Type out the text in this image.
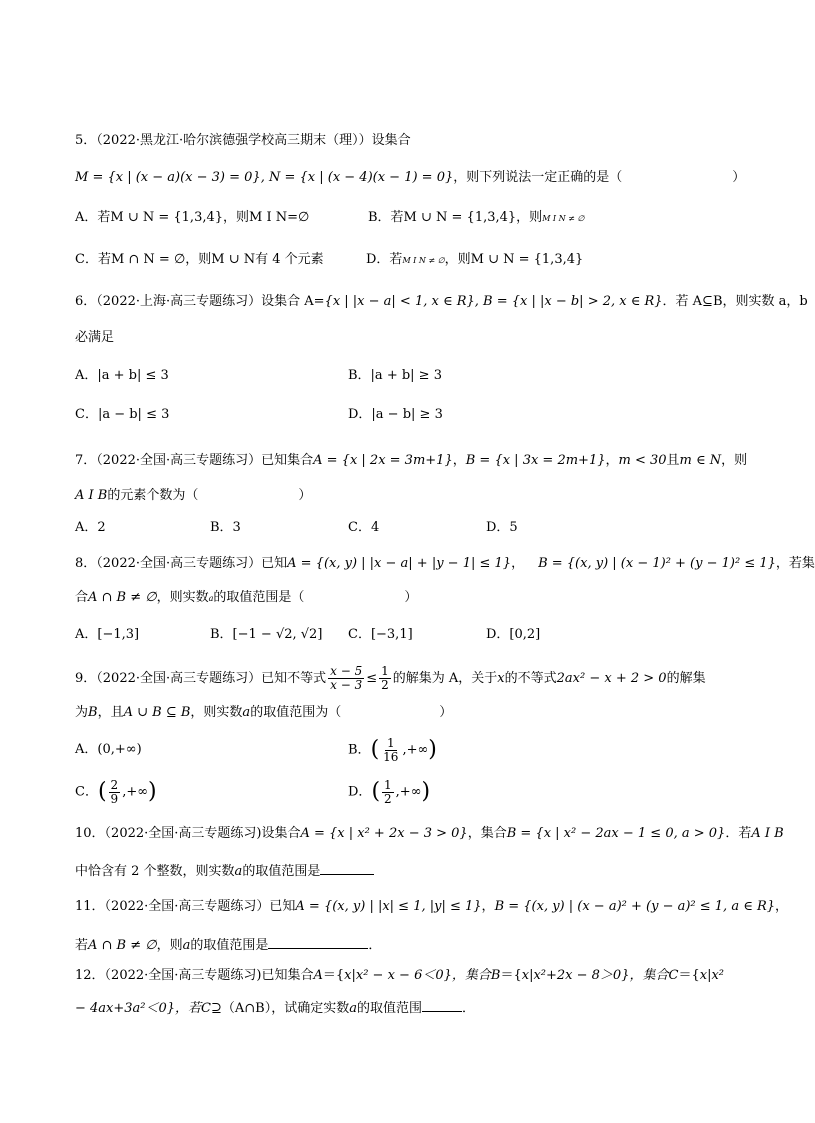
5．（2022·黑龙江·哈尔滨德强学校高三期末（理））设集合
M = {x | (x − a)(x − 3) = 0}, N = {x | (x − 4)(x − 1) = 0}，则下列说法一定正确的是（	）
A．若M ∪ N = {1,3,4}，则M I N=∅	B．若M ∪ N = {1,3,4}，则M I N ≠ ∅
C．若M ∩ N = ∅，则M ∪ N有 4 个元素	D．若M I N ≠ ∅，则M ∪ N = {1,3,4}
6．（2022·上海·高三专题练习）设集合 A={x | |x − a| < 1, x ∈ R}, B = {x | |x − b| > 2, x ∈ R}．若 A⊆B，则实数 a，b
必满足
A．|a + b| ≤ 3	B．|a + b| ≥ 3
C．|a − b| ≤ 3	D．|a − b| ≥ 3
7．（2022·全国·高三专题练习）已知集合A = {x | 2x = 3m+1}，B = {x | 3x = 2m+1}，m < 30且m ∈ N，则
A I B的元素个数为（	）
A．2	B．3	C．4	D．5
8．（2022·全国·高三专题练习）已知A = {(x, y) | |x − a| + |y − 1| ≤ 1}， B = {(x, y) | (x − 1)² + (y − 1)² ≤ 1}，若集
合A ∩ B ≠ ∅，则实数a的取值范围是（	）
A．[−1,3]	B．[−1 − √2, √2] C．[−3,1]	D．[0,2]
9．（2022·全国·高三专题练习）已知不等式 $\frac{x - 5}{x - 3} \le \frac{1}{2}$ 的解集为 A，关于x的不等式2ax² − x + 2 > 0的解集
为B，且A ∪ B ⊆ B，则实数a的取值范围为（	）
A．(0,+∞)	B．( $\frac{1}{16}$ ,+∞)
C．( $\frac{2}{9}$ ,+∞)	D．( $\frac{1}{2}$ ,+∞)
10．（2022·全国·高三专题练习)设集合A = {x | x² + 2x − 3 > 0}，集合B = {x | x² − 2ax − 1 ≤ 0, a > 0}．若A I B
中恰含有 2 个整数，则实数a的取值范围是
11．（2022·全国·高三专题练习）已知A = {(x, y) | |x| ≤ 1, |y| ≤ 1}，B = {(x, y) | (x − a)² + (y − a)² ≤ 1, a ∈ R}，
若A ∩ B ≠ ∅，则a的取值范围是	．
12．（2022·全国·高三专题练习)已知集合A＝{x|x² − x − 6＜0}，集合B＝{x|x²+2x − 8＞0}，集合C＝{x|x²
− 4ax+3a²＜0}，若C⊇（A∩B），试确定实数a的取值范围	．
